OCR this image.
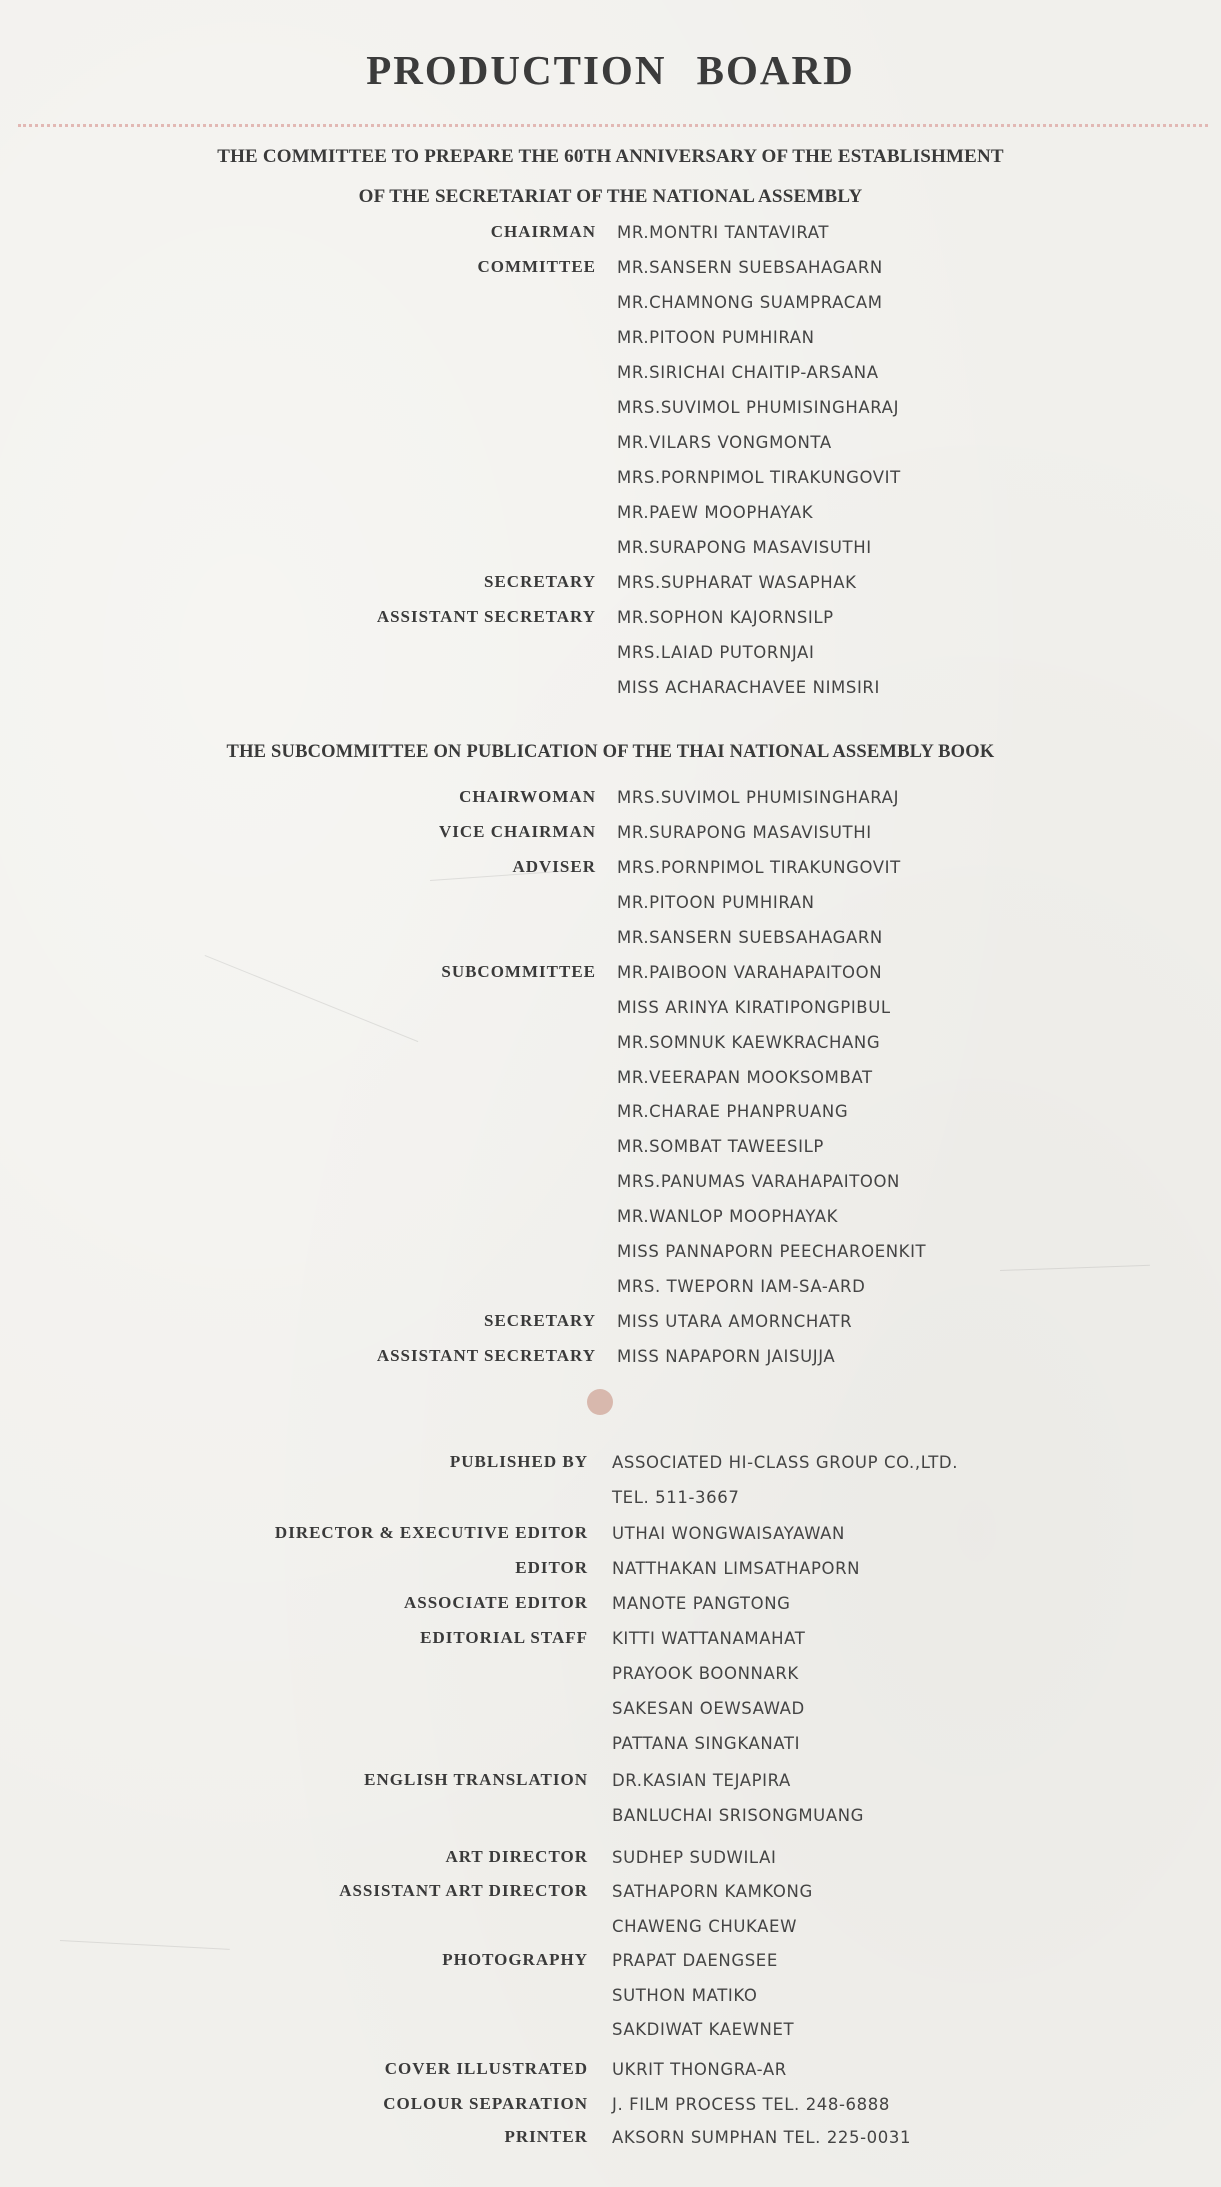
PRODUCTION BOARD
THE COMMITTEE TO PREPARE THE 60TH ANNIVERSARY OF THE ESTABLISHMENT
OF THE SECRETARIAT OF THE NATIONAL ASSEMBLY
CHAIRMAN MR.MONTRI TANTAVIRAT
COMMITTEE MR.SANSERN SUEBSAHAGARN
MR.CHAMNONG SUAMPRACAM
MR.PITOON PUMHIRAN
MR.SIRICHAI CHAITIP-ARSANA
MRS.SUVIMOL PHUMISINGHARAJ
MR.VILARS VONGMONTA
MRS.PORNPIMOL TIRAKUNGOVIT
MR.PAEW MOOPHAYAK
MR.SURAPONG MASAVISUTHI
SECRETARY MRS.SUPHARAT WASAPHAK
ASSISTANT SECRETARY MR.SOPHON KAJORNSILP
MRS.LAIAD PUTORNJAI
MISS ACHARACHAVEE NIMSIRI
THE SUBCOMMITTEE ON PUBLICATION OF THE THAI NATIONAL ASSEMBLY BOOK
CHAIRWOMAN MRS.SUVIMOL PHUMISINGHARAJ
VICE CHAIRMAN MR.SURAPONG MASAVISUTHI
ADVISER MRS.PORNPIMOL TIRAKUNGOVIT
MR.PITOON PUMHIRAN
MR.SANSERN SUEBSAHAGARN
SUBCOMMITTEE MR.PAIBOON VARAHAPAITOON
MISS ARINYA KIRATIPONGPIBUL
MR.SOMNUK KAEWKRACHANG
MR.VEERAPAN MOOKSOMBAT
MR.CHARAE PHANPRUANG
MR.SOMBAT TAWEESILP
MRS.PANUMAS VARAHAPAITOON
MR.WANLOP MOOPHAYAK
MISS PANNAPORN PEECHAROENKIT
MRS. TWEPORN IAM-SA-ARD
SECRETARY MISS UTARA AMORNCHATR
ASSISTANT SECRETARY MISS NAPAPORN JAISUJJA
PUBLISHED BY ASSOCIATED HI-CLASS GROUP CO.,LTD.
TEL. 511-3667
DIRECTOR & EXECUTIVE EDITOR UTHAI WONGWAISAYAWAN
EDITOR NATTHAKAN LIMSATHAPORN
ASSOCIATE EDITOR MANOTE PANGTONG
EDITORIAL STAFF KITTI WATTANAMAHAT
PRAYOOK BOONNARK
SAKESAN OEWSAWAD
PATTANA SINGKANATI
ENGLISH TRANSLATION DR.KASIAN TEJAPIRA
BANLUCHAI SRISONGMUANG
ART DIRECTOR SUDHEP SUDWILAI
ASSISTANT ART DIRECTOR SATHAPORN KAMKONG
CHAWENG CHUKAEW
PHOTOGRAPHY PRAPAT DAENGSEE
SUTHON MATIKO
SAKDIWAT KAEWNET
COVER ILLUSTRATED UKRIT THONGRA-AR
COLOUR SEPARATION J. FILM PROCESS TEL. 248-6888
PRINTER AKSORN SUMPHAN TEL. 225-0031
